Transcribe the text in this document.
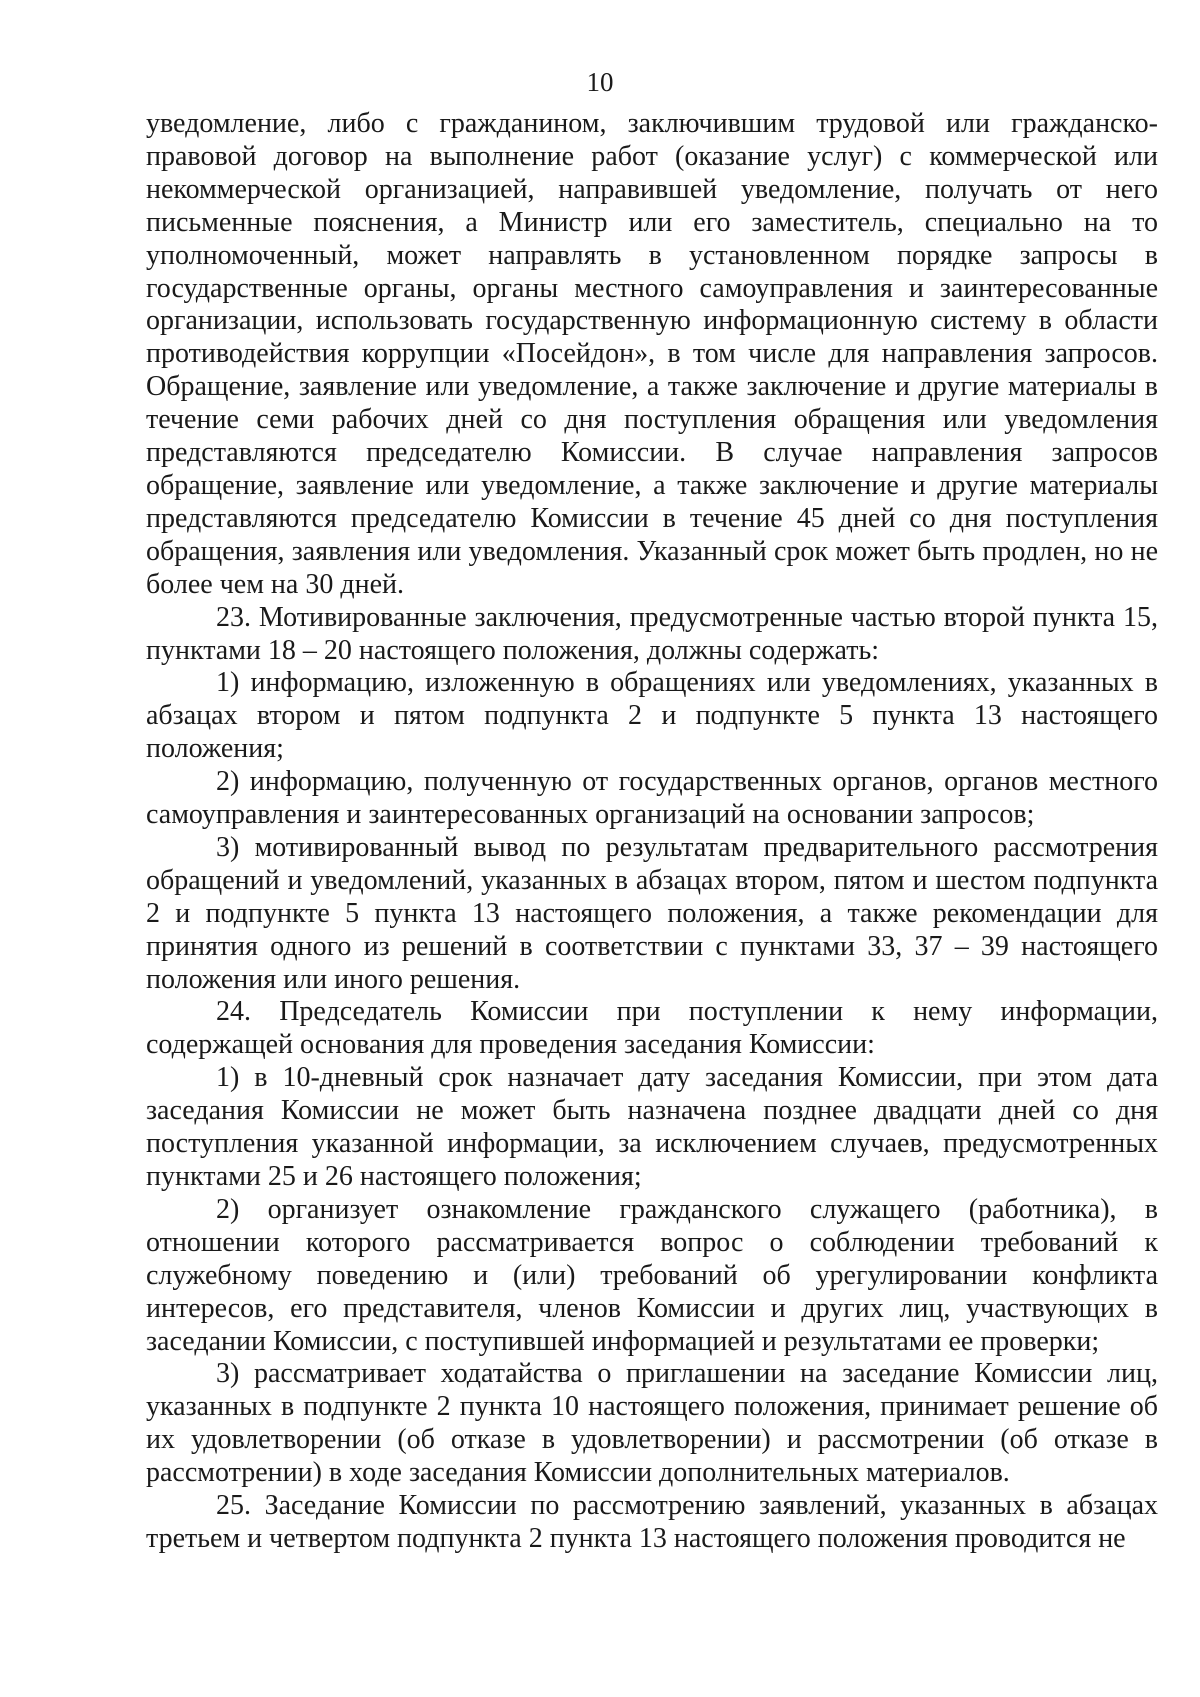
10

уведомление, либо с гражданином, заключившим трудовой или гражданско-правовой договор на выполнение работ (оказание услуг) с коммерческой или некоммерческой организацией, направившей уведомление, получать от него письменные пояснения, а Министр или его заместитель, специально на то уполномоченный, может направлять в установленном порядке запросы в государственные органы, органы местного самоуправления и заинтересованные организации, использовать государственную информационную систему в области противодействия коррупции «Посейдон», в том числе для направления запросов. Обращение, заявление или уведомление, а также заключение и другие материалы в течение семи рабочих дней со дня поступления обращения или уведомления представляются председателю Комиссии. В случае направления запросов обращение, заявление или уведомление, а также заключение и другие материалы представляются председателю Комиссии в течение 45 дней со дня поступления обращения, заявления или уведомления. Указанный срок может быть продлен, но не более чем на 30 дней.

23. Мотивированные заключения, предусмотренные частью второй пункта 15, пунктами 18 – 20 настоящего положения, должны содержать:

1) информацию, изложенную в обращениях или уведомлениях, указанных в абзацах втором и пятом подпункта 2 и подпункте 5 пункта 13 настоящего положения;

2) информацию, полученную от государственных органов, органов местного самоуправления и заинтересованных организаций на основании запросов;

3) мотивированный вывод по результатам предварительного рассмотрения обращений и уведомлений, указанных в абзацах втором, пятом и шестом подпункта 2 и подпункте 5 пункта 13 настоящего положения, а также рекомендации для принятия одного из решений в соответствии с пунктами 33, 37 – 39 настоящего положения или иного решения.

24. Председатель Комиссии при поступлении к нему информации, содержащей основания для проведения заседания Комиссии:

1) в 10-дневный срок назначает дату заседания Комиссии, при этом дата заседания Комиссии не может быть назначена позднее двадцати дней со дня поступления указанной информации, за исключением случаев, предусмотренных пунктами 25 и 26 настоящего положения;

2) организует ознакомление гражданского служащего (работника), в отношении которого рассматривается вопрос о соблюдении требований к служебному поведению и (или) требований об урегулировании конфликта интересов, его представителя, членов Комиссии и других лиц, участвующих в заседании Комиссии, с поступившей информацией и результатами ее проверки;

3) рассматривает ходатайства о приглашении на заседание Комиссии лиц, указанных в подпункте 2 пункта 10 настоящего положения, принимает решение об их удовлетворении (об отказе в удовлетворении) и рассмотрении (об отказе в рассмотрении) в ходе заседания Комиссии дополнительных материалов.

25. Заседание Комиссии по рассмотрению заявлений, указанных в абзацах третьем и четвертом подпункта 2 пункта 13 настоящего положения проводится не
